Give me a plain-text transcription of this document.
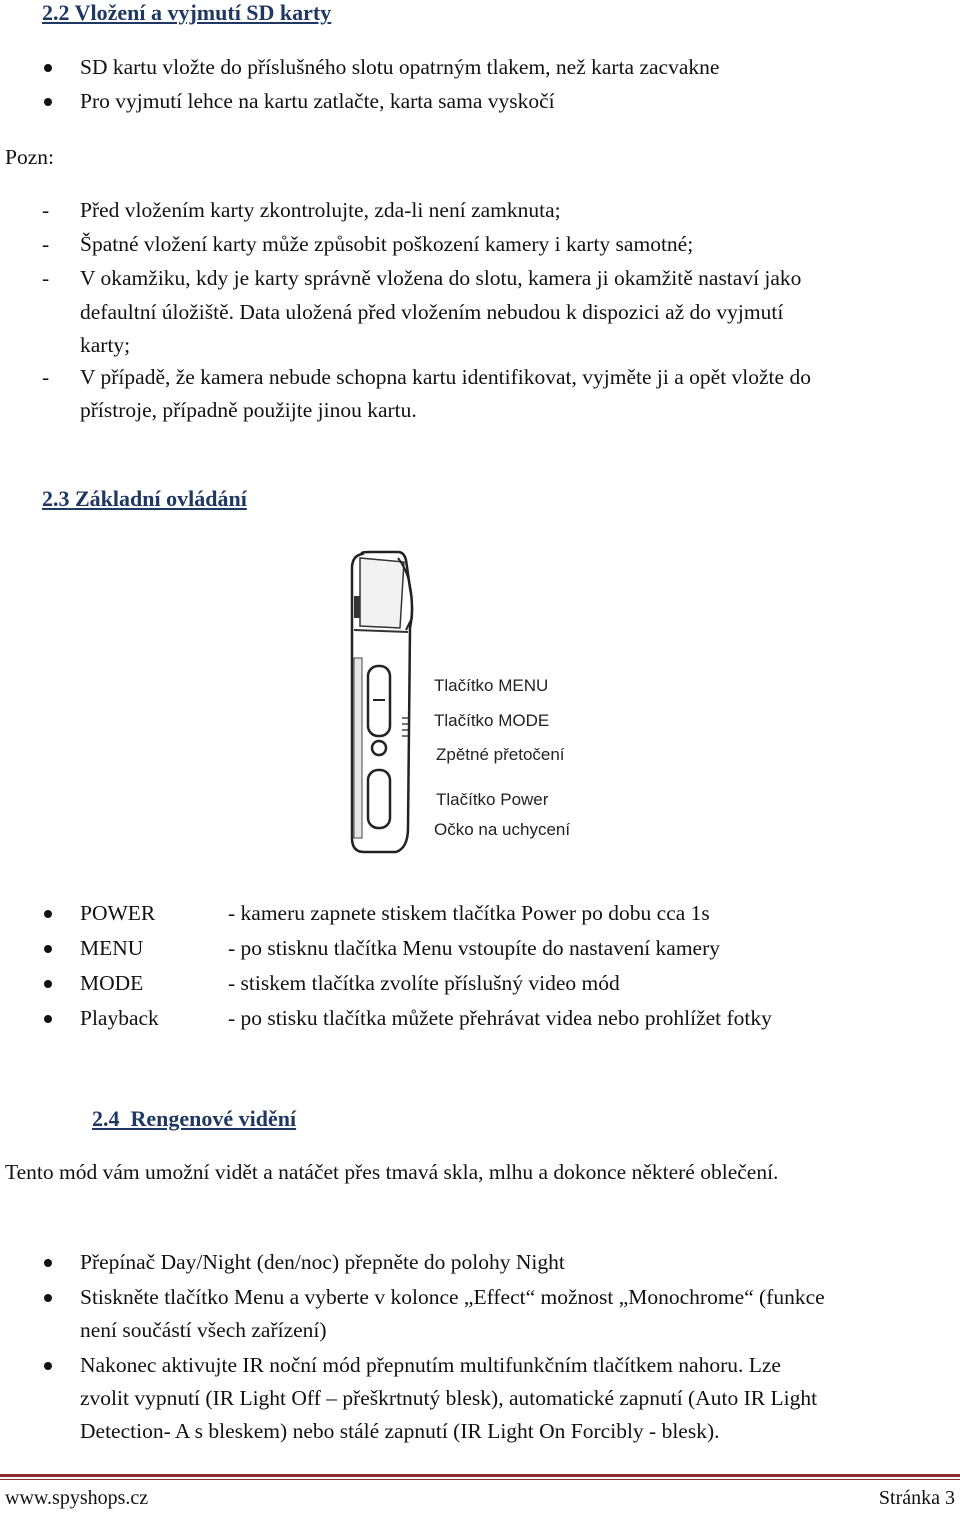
2.2 Vložení a vyjmutí SD karty
SD kartu vložte do příslušného slotu opatrným tlakem, než karta zacvakne
Pro vyjmutí lehce na kartu zatlačte, karta sama vyskočí
Pozn:
- Před vložením karty zkontrolujte, zda-li není zamknuta;
- Špatné vložení karty může způsobit poškození kamery i karty samotné;
- V okamžiku, kdy je karty správně vložena do slotu, kamera ji okamžitě nastaví jako
defaultní úložiště. Data uložená před vložením nebudou k dispozici až do vyjmutí
karty;
- V případě, že kamera nebude schopna kartu identifikovat, vyjměte ji a opět vložte do
přístroje, případně použijte jinou kartu.
2.3 Základní ovládání
Tlačítko MENU
Tlačítko MODE
Zpětné přetočení
Tlačítko Power
Očko na uchycení
POWER	- kameru zapnete stiskem tlačítka Power po dobu cca 1s
MENU	- po stisknu tlačítka Menu vstoupíte do nastavení kamery
MODE	- stiskem tlačítka zvolíte příslušný video mód
Playback	- po stisku tlačítka můžete přehrávat videa nebo prohlížet fotky
2.4  Rengenové vidění
Tento mód vám umožní vidět a natáčet přes tmavá skla, mlhu a dokonce některé oblečení.
Přepínač Day/Night (den/noc) přepněte do polohy Night
Stiskněte tlačítko Menu a vyberte v kolonce „Effect“ možnost „Monochrome“ (funkce
není součástí všech zařízení)
Nakonec aktivujte IR noční mód přepnutím multifunkčním tlačítkem nahoru. Lze
zvolit vypnutí (IR Light Off – přeškrtnutý blesk), automatické zapnutí (Auto IR Light
Detection- A s bleskem) nebo stálé zapnutí (IR Light On Forcibly - blesk).
www.spyshops.cz	Stránka 3
